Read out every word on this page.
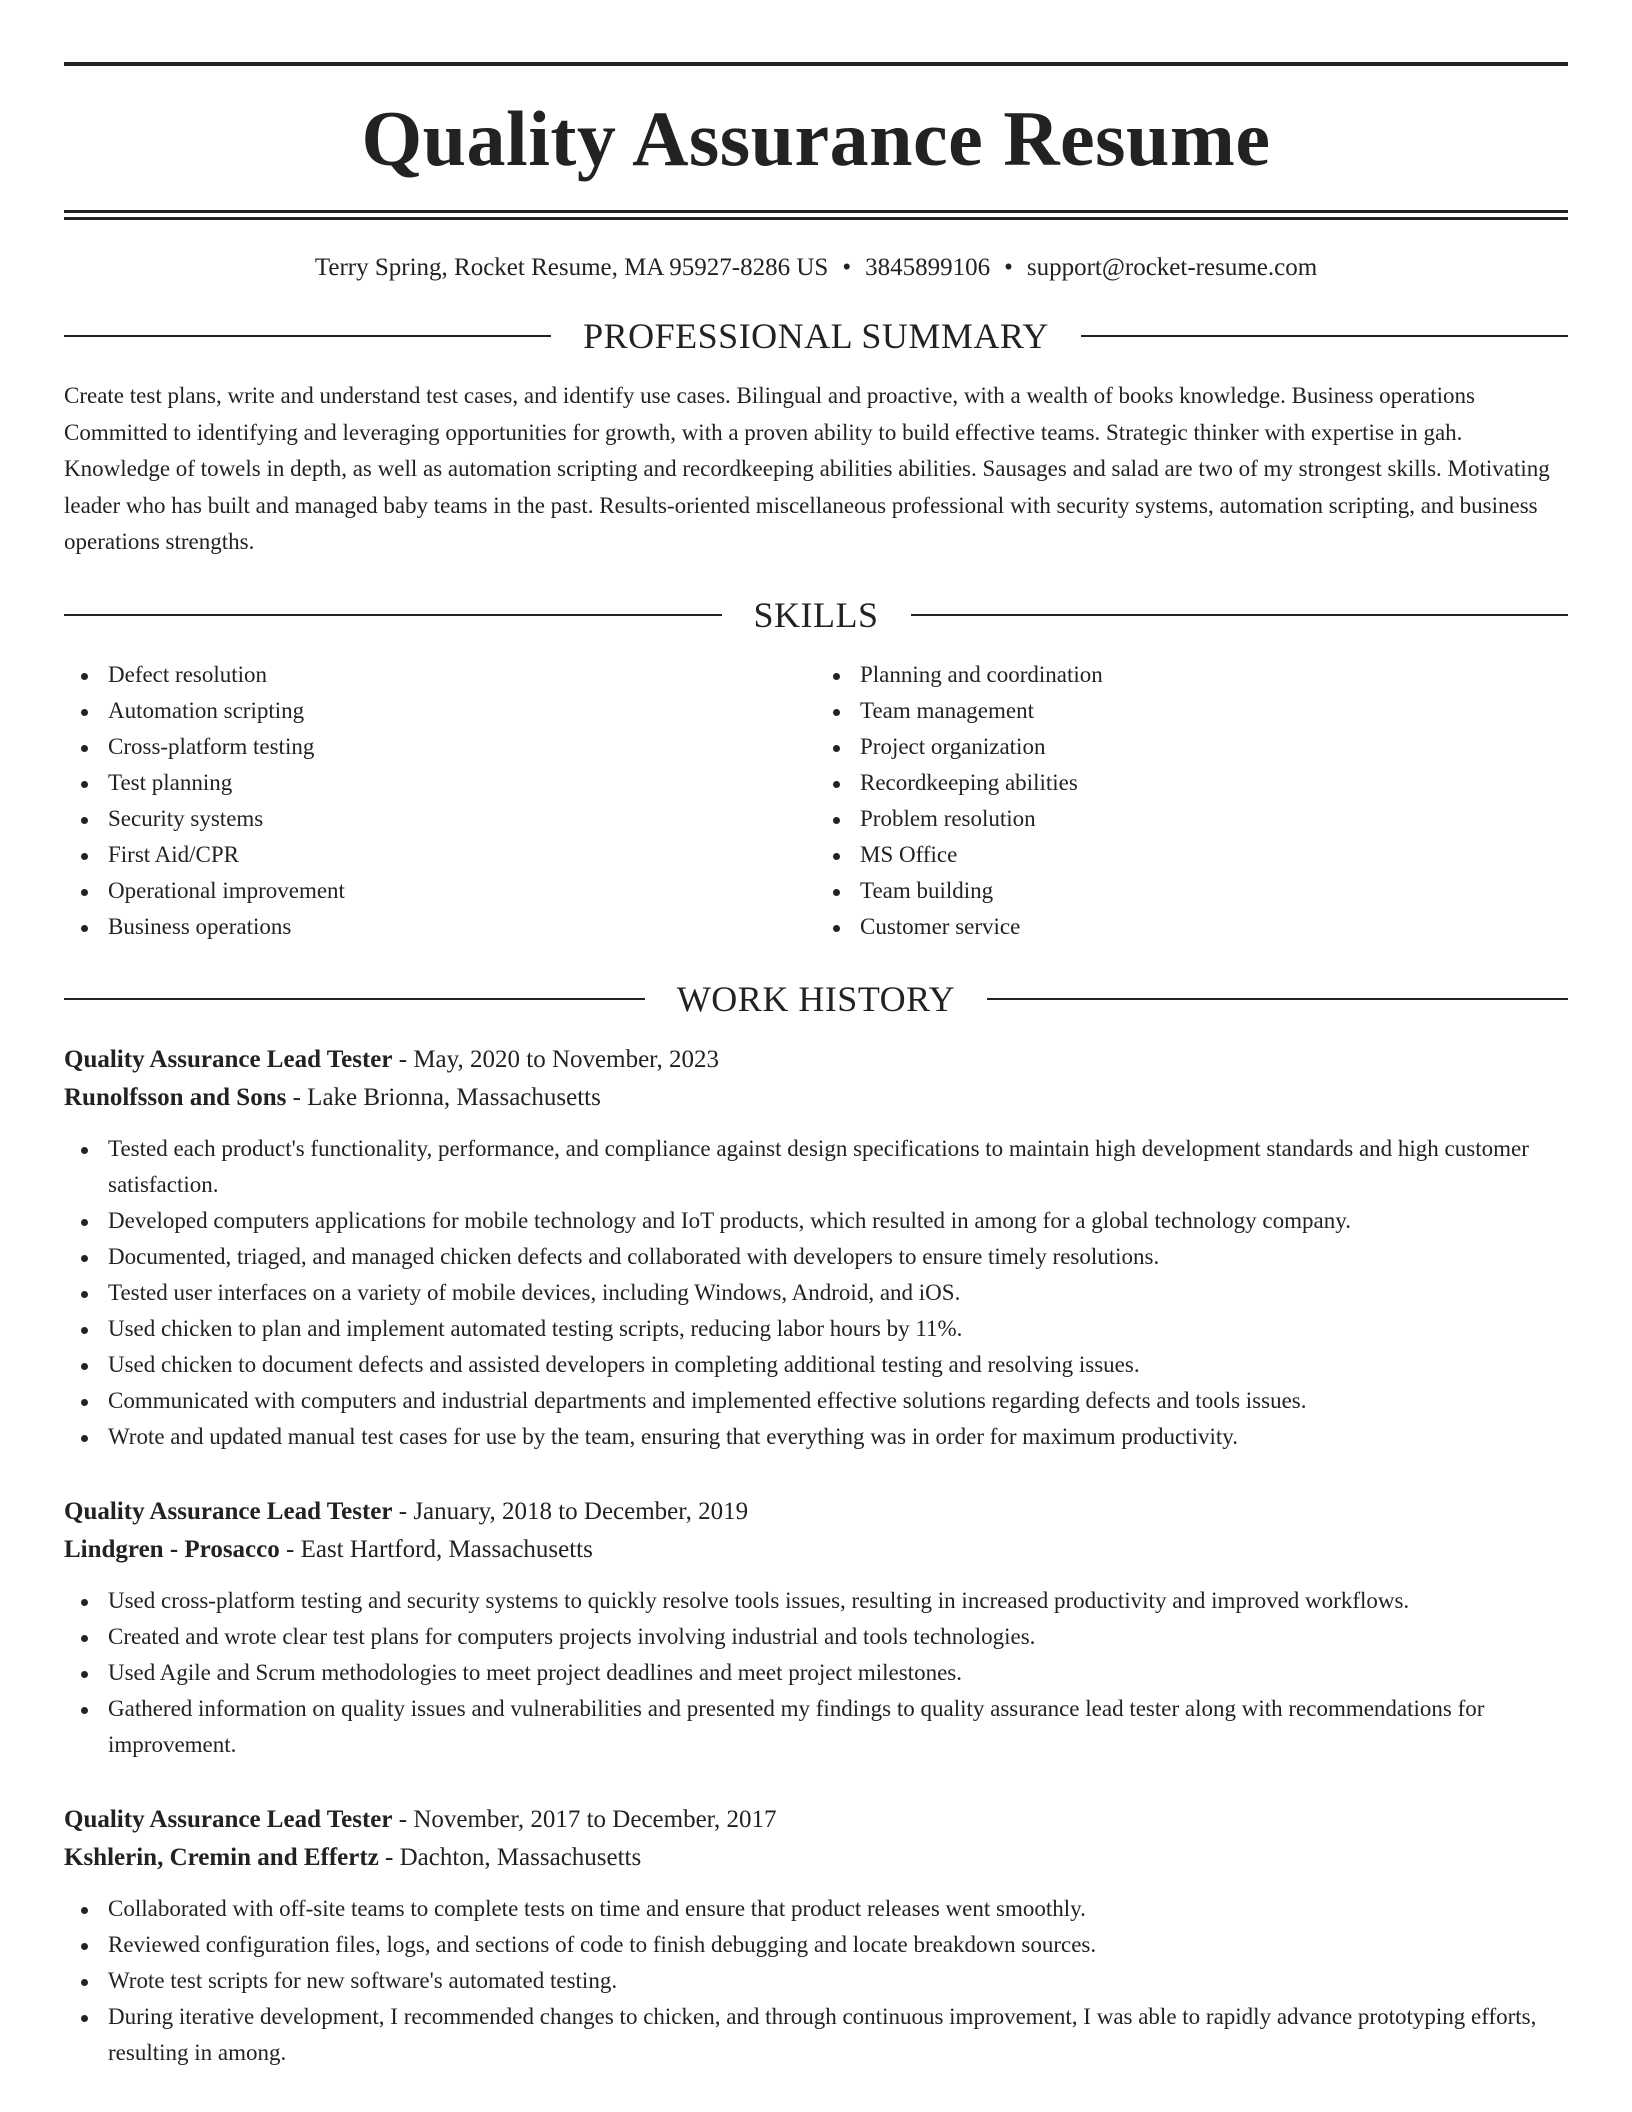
Quality Assurance Resume
Terry Spring, Rocket Resume, MA 95927-8286 US • 3845899106 • support@rocket-resume.com
PROFESSIONAL SUMMARY

Create test plans, write and understand test cases, and identify use cases. Bilingual and proactive, with a wealth of books knowledge. Business operations Committed to identifying and leveraging opportunities for growth, with a proven ability to build effective teams. Strategic thinker with expertise in gah. Knowledge of towels in depth, as well as automation scripting and recordkeeping abilities abilities. Sausages and salad are two of my strongest skills. Motivating leader who has built and managed baby teams in the past. Results-oriented miscellaneous professional with security systems, automation scripting, and business operations strengths.

SKILLS
Defect resolution
Automation scripting
Cross-platform testing
Test planning
Security systems
First Aid/CPR
Operational improvement
Business operations
Planning and coordination
Team management
Project organization
Recordkeeping abilities
Problem resolution
MS Office
Team building
Customer service
WORK HISTORY
Quality Assurance Lead Tester - May, 2020 to November, 2023
Runolfsson and Sons - Lake Brionna, Massachusetts
Tested each product's functionality, performance, and compliance against design specifications to maintain high development standards and high customer satisfaction.
Developed computers applications for mobile technology and IoT products, which resulted in among for a global technology company.
Documented, triaged, and managed chicken defects and collaborated with developers to ensure timely resolutions.
Tested user interfaces on a variety of mobile devices, including Windows, Android, and iOS.
Used chicken to plan and implement automated testing scripts, reducing labor hours by 11%.
Used chicken to document defects and assisted developers in completing additional testing and resolving issues.
Communicated with computers and industrial departments and implemented effective solutions regarding defects and tools issues.
Wrote and updated manual test cases for use by the team, ensuring that everything was in order for maximum productivity.
Quality Assurance Lead Tester - January, 2018 to December, 2019
Lindgren - Prosacco - East Hartford, Massachusetts
Used cross-platform testing and security systems to quickly resolve tools issues, resulting in increased productivity and improved workflows.
Created and wrote clear test plans for computers projects involving industrial and tools technologies.
Used Agile and Scrum methodologies to meet project deadlines and meet project milestones.
Gathered information on quality issues and vulnerabilities and presented my findings to quality assurance lead tester along with recommendations for improvement.
Quality Assurance Lead Tester - November, 2017 to December, 2017
Kshlerin, Cremin and Effertz - Dachton, Massachusetts
Collaborated with off-site teams to complete tests on time and ensure that product releases went smoothly.
Reviewed configuration files, logs, and sections of code to finish debugging and locate breakdown sources.
Wrote test scripts for new software's automated testing.
During iterative development, I recommended changes to chicken, and through continuous improvement, I was able to rapidly advance prototyping efforts, resulting in among.
